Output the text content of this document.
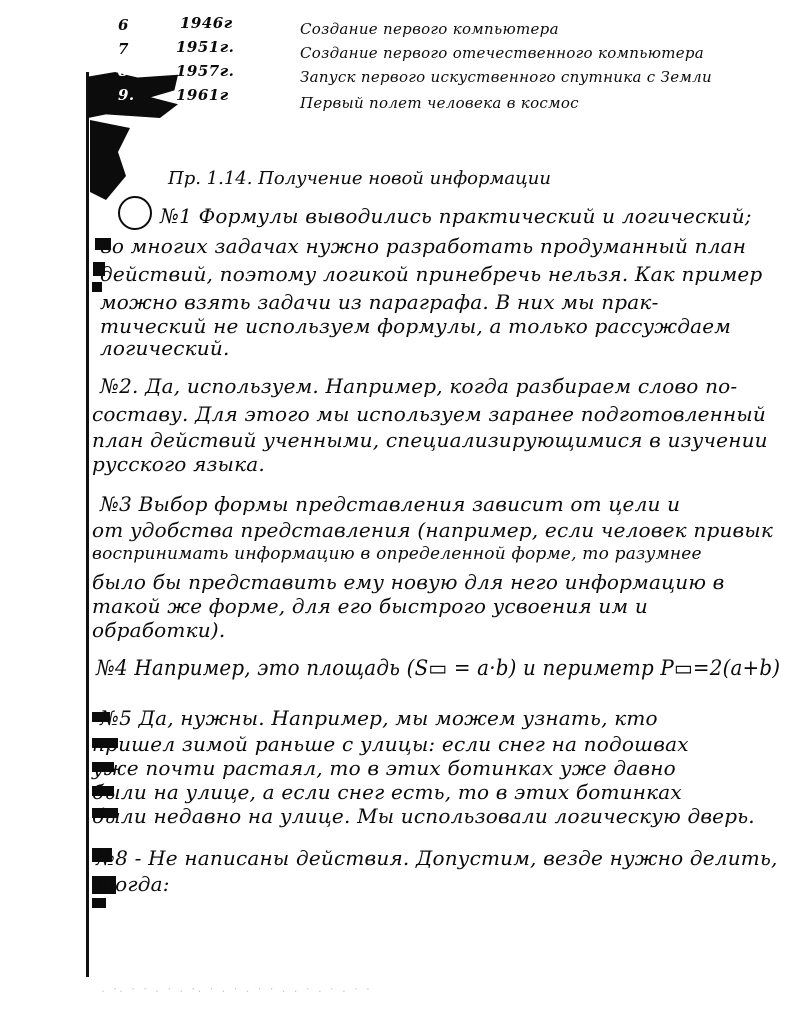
6	1946г	Создание первого компьютера
7	1951г.	Создание первого отечественного компьютера
8.	1957г.	Запуск первого искуственного спутника с Земли
9.	1961г	Первый полет человека в космос
Пр. 1.14. Получение новой информации
№1 Формулы выводились практический и логический;
во многих задачах нужно разработать продуманный план
действий, поэтому логикой принебречь нельзя. Как пример
можно взять задачи из параграфа. В них мы прак-
тический не используем формулы, а только рассуждаем
логический.
№2. Да, используем. Например, когда разбираем слово по-
составу. Для этого мы используем заранее подготовленный
план действий ученными, специализирующимися в изучении
русского языка.
№3 Выбор формы представления зависит от цели и
от удобства представления (например, если человек привык
воспринимать информацию в определенной форме, то разумнее
было бы представить ему новую для него информацию в
такой же форме, для его быстрого усвоения им и
обработки).
№4 Например, это площадь (S▭ = a·b) и периметр P▭=2(a+b)
№5 Да, нужны. Например, мы можем узнать, кто
пришел зимой раньше с улицы: если снег на подошвах
уже почти растаял, то в этих ботинках уже давно
были на улице, а если снег есть, то в этих ботинках
были недавно на улице. Мы использовали логическую дверь.
№8 - Не написаны действия. Допустим, везде нужно делить,
тогда:
. ·. · · . · . ·. · . · . · · . . · . · . · ·
